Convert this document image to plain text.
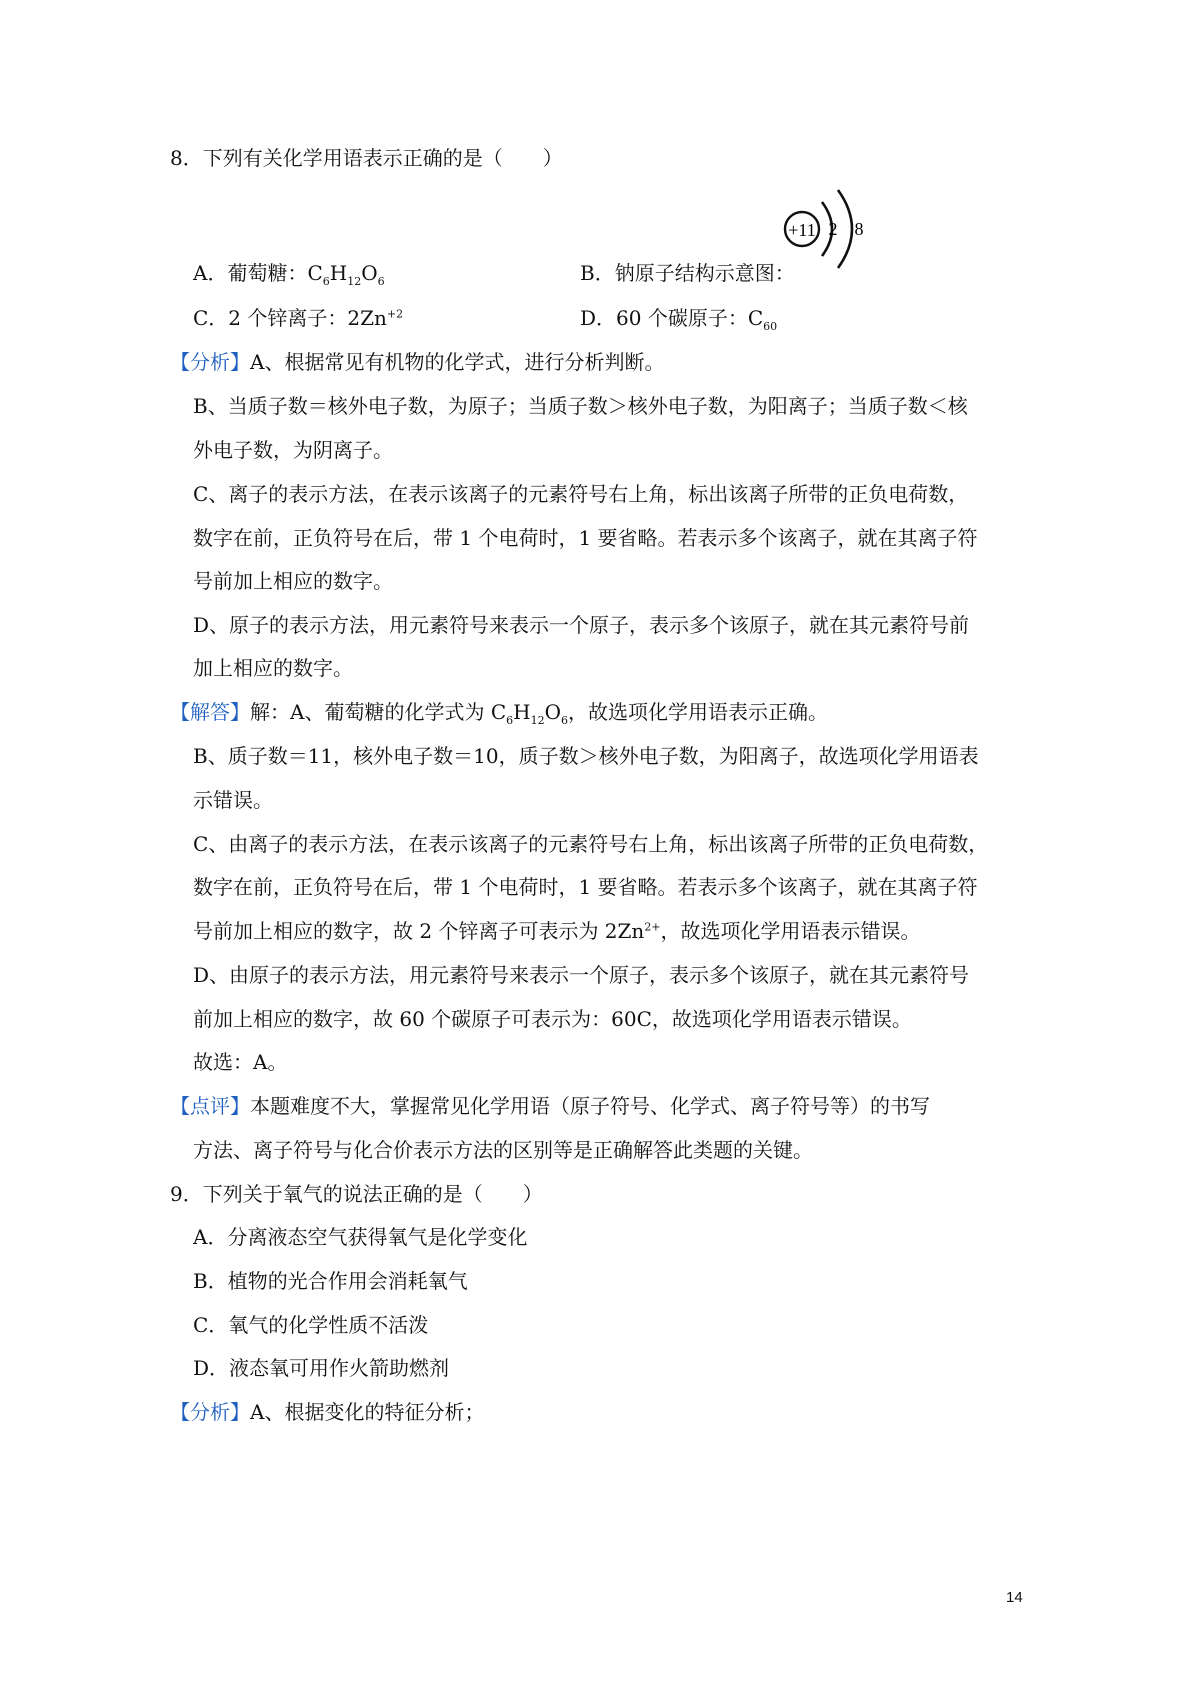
8．下列有关化学用语表示正确的是（　　）
A．葡萄糖：$C_6H_{12}O_6$	B．钠原子结构示意图：
+11 2 8
C．2 个锌离子：$2Zn^{+2}$	D．60 个碳原子：$C_{60}$
【分析】A、根据常见有机物的化学式，进行分析判断。
B、当质子数＝核外电子数，为原子；当质子数＞核外电子数，为阳离子；当质子数＜核
外电子数，为阴离子。
C、离子的表示方法，在表示该离子的元素符号右上角，标出该离子所带的正负电荷数，
数字在前，正负符号在后，带 1 个电荷时，1 要省略。若表示多个该离子，就在其离子符
号前加上相应的数字。
D、原子的表示方法，用元素符号来表示一个原子，表示多个该原子，就在其元素符号前
加上相应的数字。
【解答】解：A、葡萄糖的化学式为 $C_6H_{12}O_6$，故选项化学用语表示正确。
B、质子数＝11，核外电子数＝10，质子数＞核外电子数，为阳离子，故选项化学用语表
示错误。
C、由离子的表示方法，在表示该离子的元素符号右上角，标出该离子所带的正负电荷数，
数字在前，正负符号在后，带 1 个电荷时，1 要省略。若表示多个该离子，就在其离子符
号前加上相应的数字，故 2 个锌离子可表示为 $2Zn^{2+}$，故选项化学用语表示错误。
D、由原子的表示方法，用元素符号来表示一个原子，表示多个该原子，就在其元素符号
前加上相应的数字，故 60 个碳原子可表示为：60C，故选项化学用语表示错误。
故选：A。
【点评】本题难度不大，掌握常见化学用语（原子符号、化学式、离子符号等）的书写
方法、离子符号与化合价表示方法的区别等是正确解答此类题的关键。
9．下列关于氧气的说法正确的是（　　）
A．分离液态空气获得氧气是化学变化
B．植物的光合作用会消耗氧气
C．氧气的化学性质不活泼
D．液态氧可用作火箭助燃剂
【分析】A、根据变化的特征分析；
14
